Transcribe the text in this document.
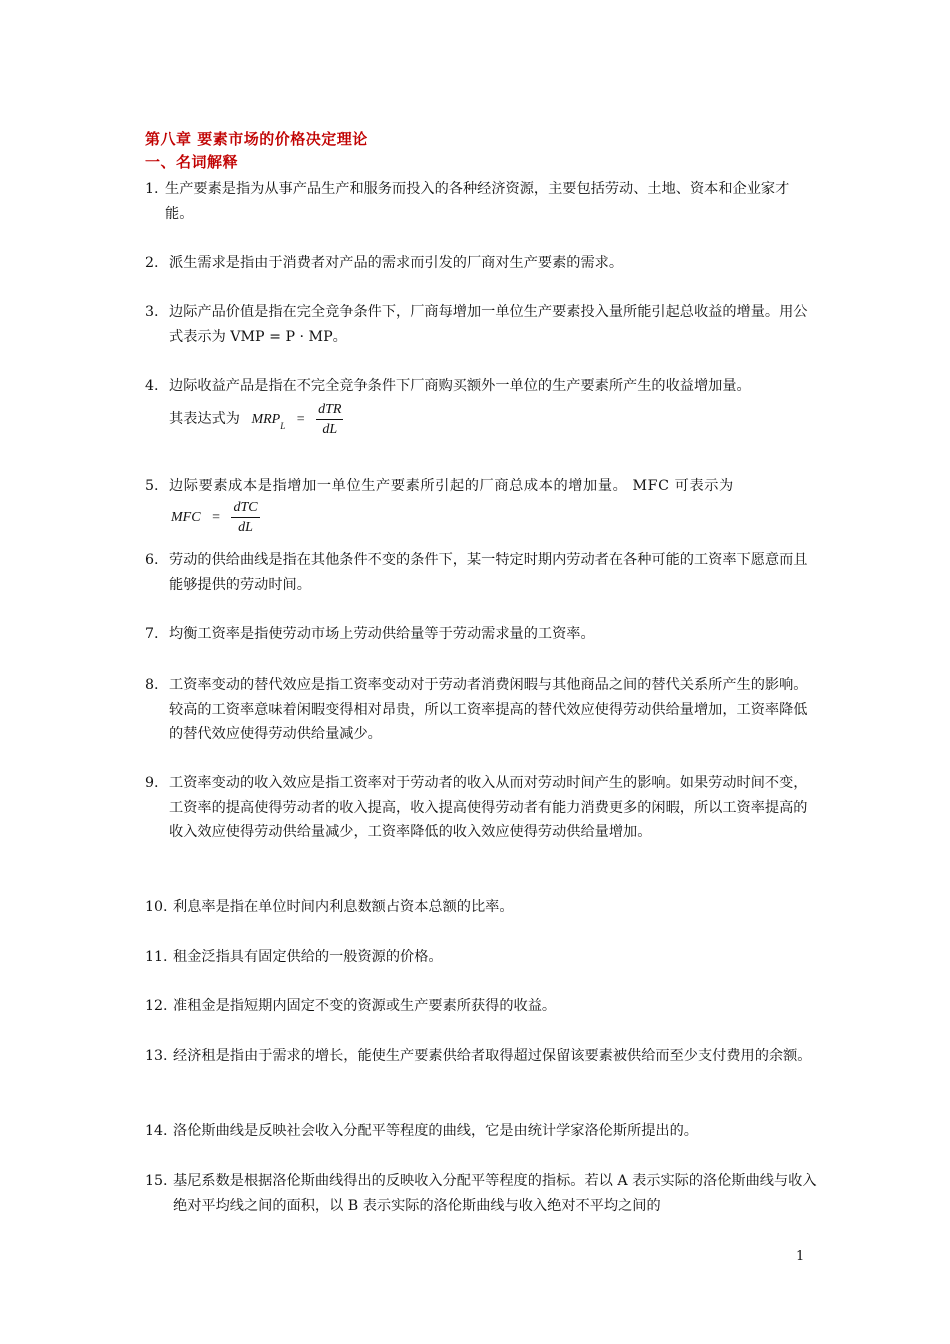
第八章 要素市场的价格决定理论
一、名词解释
1. 生产要素是指为从事产品生产和服务而投入的各种经济资源，主要包括劳动、土地、资本和企业家才能。
2. 派生需求是指由于消费者对产品的需求而引发的厂商对生产要素的需求。
3. 边际产品价值是指在完全竞争条件下，厂商每增加一单位生产要素投入量所能引起总收益的增量。用公式表示为 VMP = P · MP。
4. 边际收益产品是指在不完全竞争条件下厂商购买额外一单位的生产要素所产生的收益增加量。
其表达式为 $MRP_L = \frac{\text{dTR}}{dL}$
5. 边际要素成本是指增加一单位生产要素所引起的厂商总成本的增加量。 MFC 可表示为
MFC = $\frac{\text{dTC}}{dL}$
6. 劳动的供给曲线是指在其他条件不变的条件下，某一特定时期内劳动者在各种可能的工资率下愿意而且能够提供的劳动时间。
7. 均衡工资率是指使劳动市场上劳动供给量等于劳动需求量的工资率。
8. 工资率变动的替代效应是指工资率变动对于劳动者消费闲暇与其他商品之间的替代关系所产生的影响。较高的工资率意味着闲暇变得相对昂贵，所以工资率提高的替代效应使得劳动供给量增加，工资率降低的替代效应使得劳动供给量减少。
9. 工资率变动的收入效应是指工资率对于劳动者的收入从而对劳动时间产生的影响。如果劳动时间不变，工资率的提高使得劳动者的收入提高，收入提高使得劳动者有能力消费更多的闲暇，所以工资率提高的收入效应使得劳动供给量减少，工资率降低的收入效应使得劳动供给量增加。
10. 利息率是指在单位时间内利息数额占资本总额的比率。
11. 租金泛指具有固定供给的一般资源的价格。
12. 准租金是指短期内固定不变的资源或生产要素所获得的收益。
13. 经济租是指由于需求的增长，能使生产要素供给者取得超过保留该要素被供给而至少支付费用的余额。
14. 洛伦斯曲线是反映社会收入分配平等程度的曲线，它是由统计学家洛伦斯所提出的。
15. 基尼系数是根据洛伦斯曲线得出的反映收入分配平等程度的指标。若以 A 表示实际的洛伦斯曲线与收入绝对平均线之间的面积，以 B 表示实际的洛伦斯曲线与收入绝对不平均之间的
1
